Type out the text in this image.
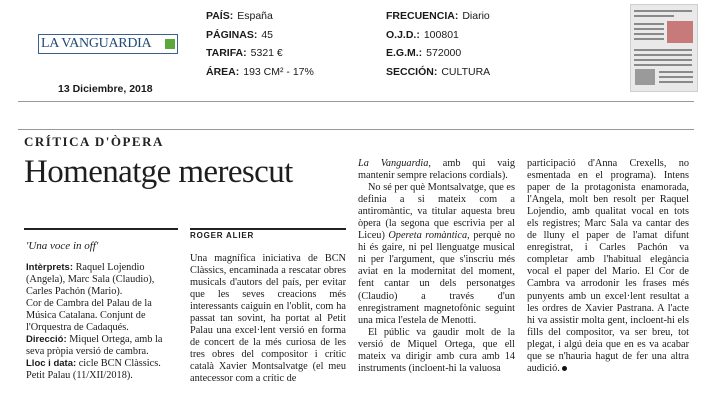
LA VANGUARDIA
13 Diciembre, 2018
PAÍS: España
PÁGINAS: 45
TARIFA: 5321 €
ÁREA: 193 CM² - 17%
FRECUENCIA: Diario
O.J.D.: 100801
E.G.M.: 572000
SECCIÓN: CULTURA
CRÍTICA D'ÒPERA
Homenatge merescut
'Una voce in off'

Intèrprets: Raquel Lojendio (Angela), Marc Sala (Claudio), Carles Pachón (Mario).

Cor de Cambra del Palau de la Música Catalana. Conjunt de l'Orquestra de Cadaqués.

Direcció: Miquel Ortega, amb la seva pròpia versió de cambra.

Lloc i data: cicle BCN Clàssics. Petit Palau (11/XII/2018).

ROGER ALIER

Una magnífica iniciativa de BCN Clàssics, encaminada a rescatar obres musicals d'autors del país, per evitar que les seves creacions més interessants caiguin en l'oblit, com ha passat tan sovint, ha portat al Petit Palau una excel·lent versió en forma de concert de la més curiosa de les tres obres del compositor i crític català Xavier Montsalvatge (el meu antecessor com a crític de

La Vanguardia, amb qui vaig mantenir sempre relacions cordials).

No sé per què Montsalvatge, que es definia a si mateix com a antiromàntic, va titular aquesta breu òpera (la segona que escrivia per al Liceu) Opereta romàntica, perquè no hi és gaire, ni pel llenguatge musical ni per l'argument, que s'inscriu més aviat en la modernitat del moment, fent cantar un dels personatges (Claudio) a través d'un enregistrament magnetofònic seguint una mica l'estela de Menotti.

El públic va gaudir molt de la versió de Miquel Ortega, que ell mateix va dirigir amb cura amb 14 instruments (incloent-hi la valuosa

participació d'Anna Crexells, no esmentada en el programa). Intens paper de la protagonista enamorada, l'Angela, molt ben resolt per Raquel Lojendio, amb qualitat vocal en tots els registres; Marc Sala va cantar des de lluny el paper de l'amat difunt enregistrat, i Carles Pachón va completar amb l'habitual elegància vocal el paper del Mario. El Cor de Cambra va arrodonir les frases més punyents amb un excel·lent resultat a les ordres de Xavier Pastrana. A l'acte hi va assistir molta gent, incloent-hi els fills del compositor, va ser breu, tot plegat, i algú deia que en es va acabar que se n'hauria hagut de fer una altra audició.
